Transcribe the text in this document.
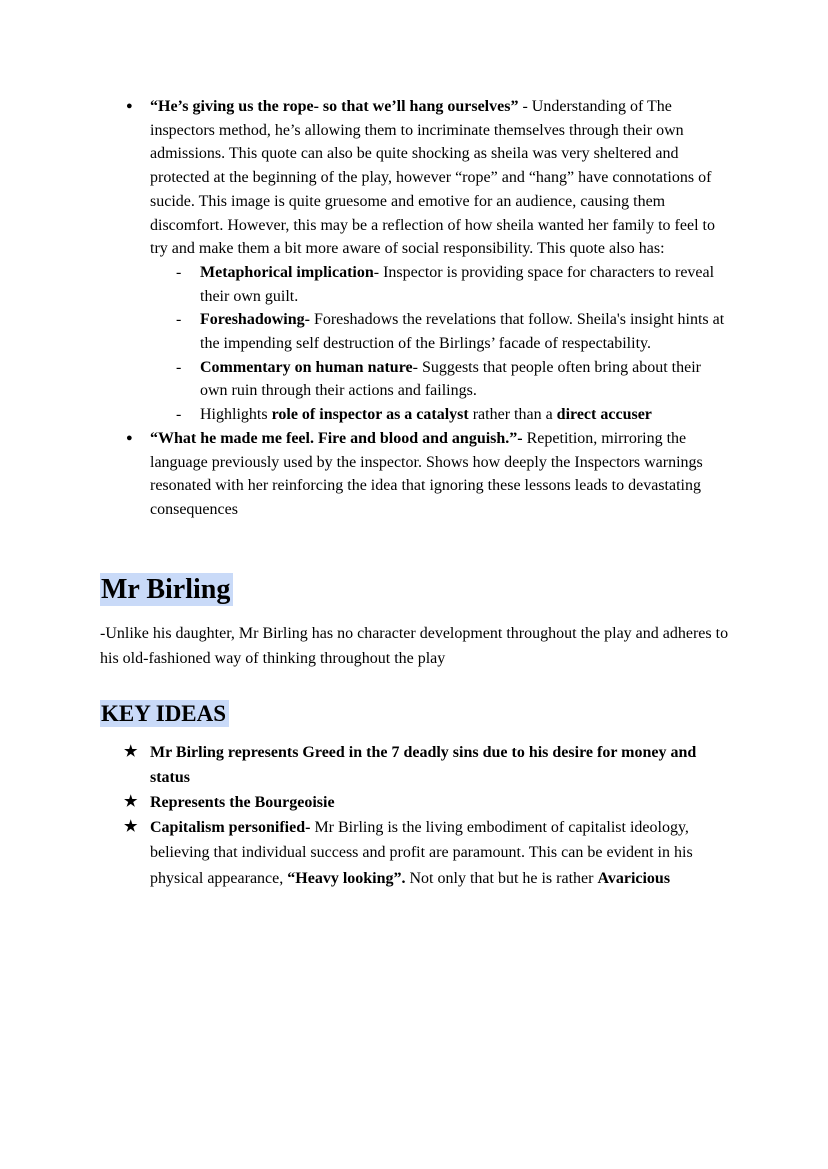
● “He’s giving us the rope- so that we’ll hang ourselves” - Understanding of The inspectors method, he’s allowing them to incriminate themselves through their own admissions. This quote can also be quite shocking as sheila was very sheltered and protected at the beginning of the play, however “rope” and “hang” have connotations of sucide. This image is quite gruesome and emotive for an audience, causing them discomfort. However, this may be a reflection of how sheila wanted her family to feel to try and make them a bit more aware of social responsibility. This quote also has:
- Metaphorical implication- Inspector is providing space for characters to reveal their own guilt.
- Foreshadowing- Foreshadows the revelations that follow. Sheila's insight hints at the impending self destruction of the Birlings’ facade of respectability.
- Commentary on human nature- Suggests that people often bring about their own ruin through their actions and failings.
- Highlights role of inspector as a catalyst rather than a direct accuser
● “What he made me feel. Fire and blood and anguish.”- Repetition, mirroring the language previously used by the inspector. Shows how deeply the Inspectors warnings resonated with her reinforcing the idea that ignoring these lessons leads to devastating consequences
Mr Birling

-Unlike his daughter, Mr Birling has no character development throughout the play and adheres to his old-fashioned way of thinking throughout the play

KEY IDEAS
★ Mr Birling represents Greed in the 7 deadly sins due to his desire for money and status
★ Represents the Bourgeoisie
★ Capitalism personified- Mr Birling is the living embodiment of capitalist ideology, believing that individual success and profit are paramount. This can be evident in his physical appearance, “Heavy looking”. Not only that but he is rather Avaricious
